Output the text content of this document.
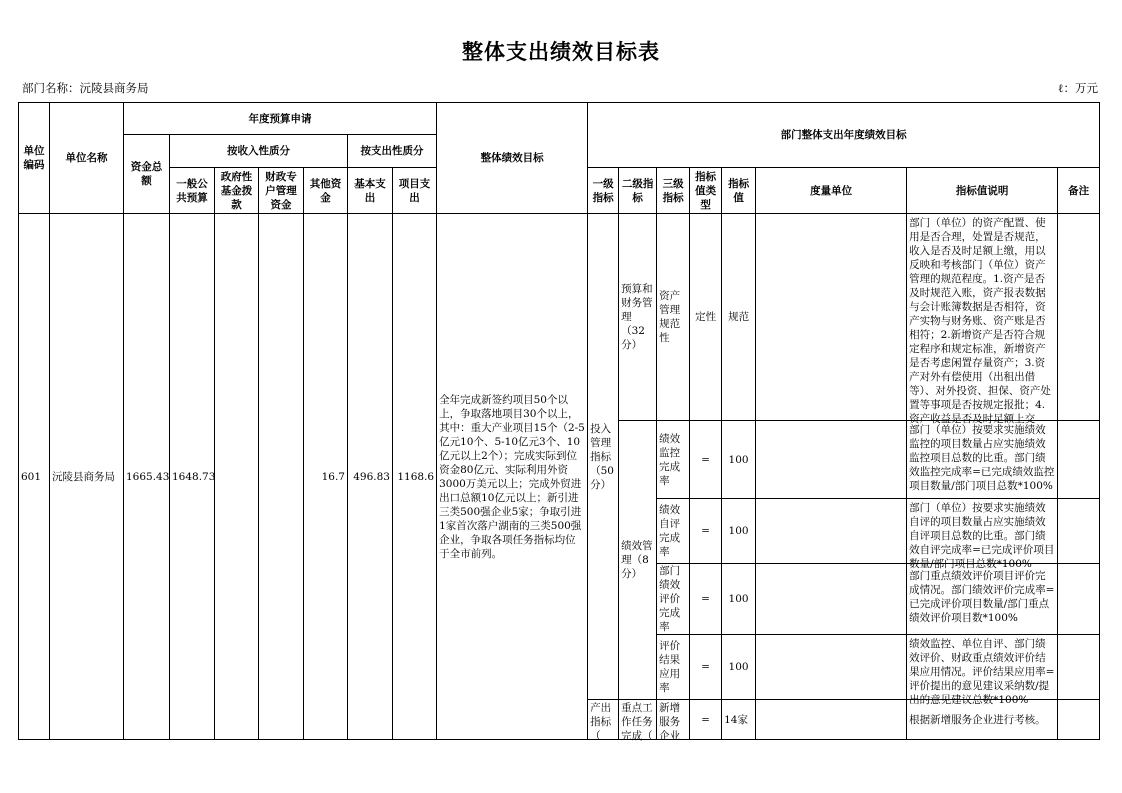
整体支出绩效目标表
部门名称：沅陵县商务局	ℓ：万元
单位编码	单位名称	年度预算申请							整体绩效目标	部门整体支出年度绩效目标							
		资金总额	按收入性质分				按支出性质分										
			一般公共预算	政府性基金拨款	财政专户管理资金	其他资金	基本支出	项目支出		一级指标	二级指标	三级指标	指标值类型	指标值	度量单位	指标值说明	备注
601	沅陵县商务局	1665.43	1648.73			16.7	496.83	1168.6	全年完成新签约项目50个以上，争取落地项目30个以上，其中：重大产业项目15个（2-5亿元10个、5-10亿元3个、10亿元以上2个）；完成实际到位资金80亿元、实际利用外资3000万美元以上；完成外贸进出口总额10亿元以上；新引进三类500强企业5家；争取引进1家首次落户湖南的三类500强企业，争取各项任务指标均位于全市前列。	投入管理指标（50分）	预算和财务管理（32分）	资产管理规范性	定性	规范		部门（单位）的资产配置、使用是否合理，处置是否规范，收入是否及时足额上缴，用以反映和考核部门（单位）资产管理的规范程度。1.资产是否及时规范入账，资产报表数据与会计账簿数据是否相符，资产实物与财务账、资产账是否相符；2.新增资产是否符合规定程序和规定标准，新增资产是否考虑闲置存量资产；3.资产对外有偿使用（出租出借等）、对外投资、担保、资产处置等事项是否按规定报批；4.资产收益是否及时足额上交	

											绩效管理（8分）	绩效监控完成率	=	100		部门（单位）按要求实施绩效监控的项目数量占应实施绩效监控项目总数的比重。部门绩效监控完成率=已完成绩效监控项目数量/部门项目总数*100%	

												绩效自评完成率	=	100		部门（单位）按要求实施绩效自评的项目数量占应实施绩效自评项目总数的比重。部门绩效自评完成率=已完成评价项目数量/部门项目总数*100%	

												部门绩效评价完成率	=	100		部门重点绩效评价项目评价完成情况。部门绩效评价完成率=已完成评价项目数量/部门重点绩效评价项目数*100%	

												评价结果应用率	=	100		绩效监控、单位自评、部门绩效评价、财政重点绩效评价结果应用情况。评价结果应用率=评价提出的意见建议采纳数/提出的意见建议总数*100%	

										产出指标（	重点工作任务完成（	新增服务企业	=	14家		根据新增服务企业进行考核。	
